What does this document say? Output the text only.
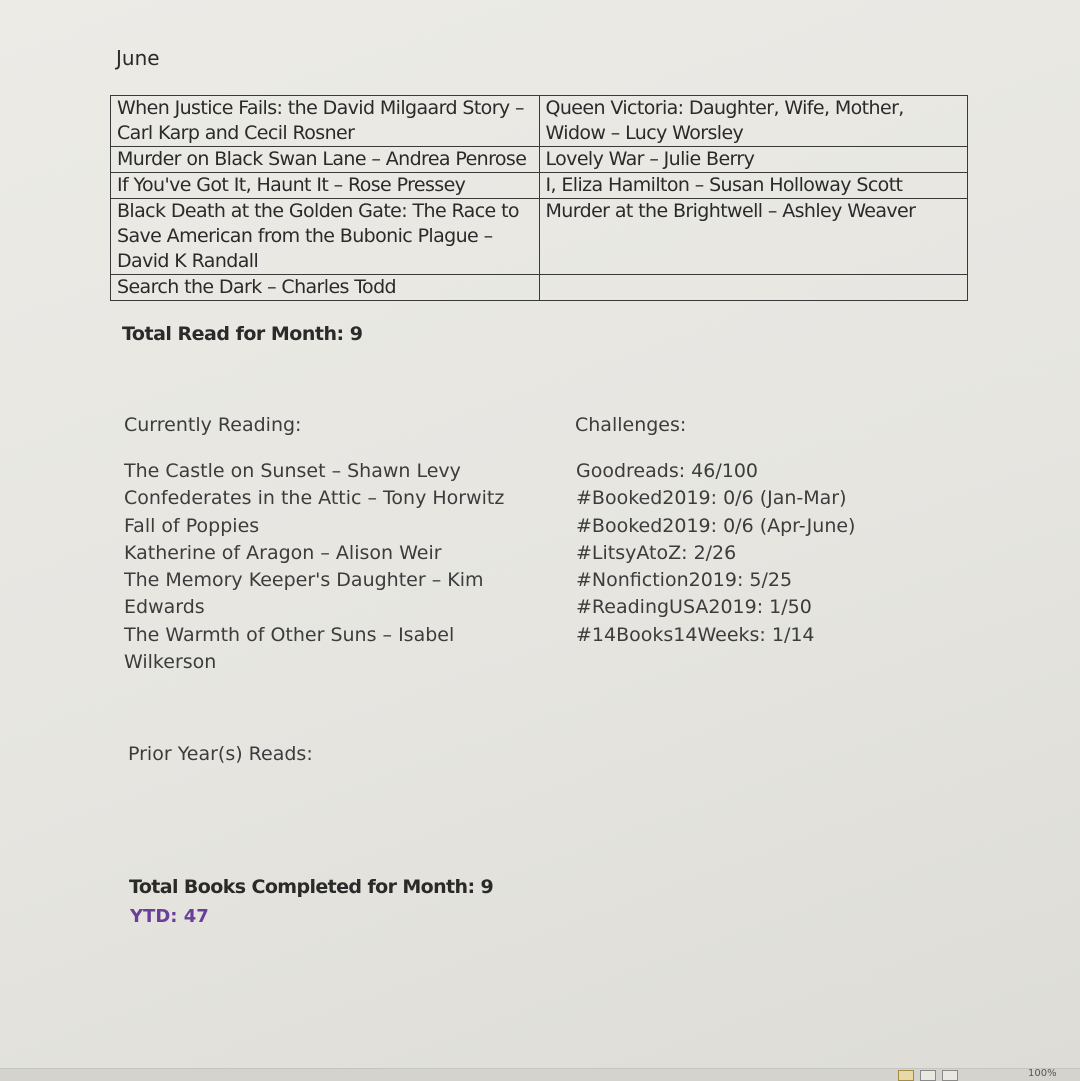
June
When Justice Fails: the David Milgaard Story – Carl Karp and Cecil Rosner	Queen Victoria: Daughter, Wife, Mother, Widow – Lucy Worsley
Murder on Black Swan Lane – Andrea Penrose	Lovely War – Julie Berry
If You've Got It, Haunt It – Rose Pressey	I, Eliza Hamilton – Susan Holloway Scott
Black Death at the Golden Gate: The Race to Save American from the Bubonic Plague – David K Randall	Murder at the Brightwell – Ashley Weaver
Search the Dark – Charles Todd	
Total Read for Month: 9
Currently Reading:
The Castle on Sunset – Shawn Levy
Confederates in the Attic – Tony Horwitz
Fall of Poppies
Katherine of Aragon – Alison Weir
The Memory Keeper's Daughter – Kim Edwards
The Warmth of Other Suns – Isabel Wilkerson
Challenges:
Goodreads: 46/100
#Booked2019: 0/6 (Jan-Mar)
#Booked2019: 0/6 (Apr-June)
#LitsyAtoZ: 2/26
#Nonfiction2019: 5/25
#ReadingUSA2019: 1/50
#14Books14Weeks: 1/14
Prior Year(s) Reads:
Total Books Completed for Month: 9
YTD: 47
100%
